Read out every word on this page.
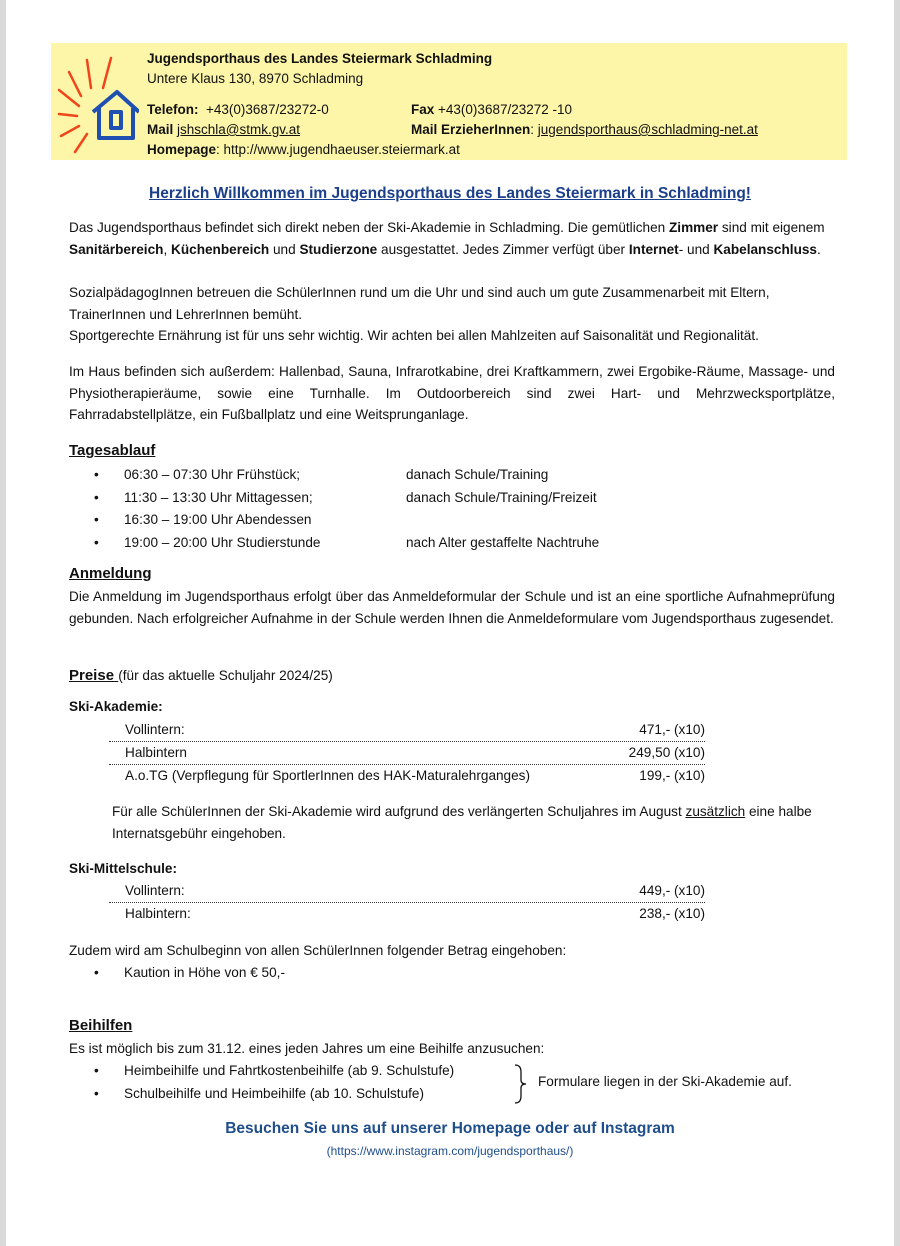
Jugendsporthaus des Landes Steiermark Schladming
Untere Klaus 130, 8970 Schladming
Telefon: +43(0)3687/23272-0	Fax +43(0)3687/23272 -10
Mail jshschla@stmk.gv.at	Mail ErzieherInnen: jugendsporthaus@schladming-net.at
Homepage: http://www.jugendhaeuser.steiermark.at
Herzlich Willkommen im Jugendsporthaus des Landes Steiermark in Schladming!
Das Jugendsporthaus befindet sich direkt neben der Ski-Akademie in Schladming. Die gemütlichen Zimmer sind mit eigenem Sanitärbereich, Küchenbereich und Studierzone ausgestattet. Jedes Zimmer verfügt über Internet- und Kabelanschluss.
SozialpädagogInnen betreuen die SchülerInnen rund um die Uhr und sind auch um gute Zusammenarbeit mit Eltern, TrainerInnen und LehrerInnen bemüht.
Sportgerechte Ernährung ist für uns sehr wichtig. Wir achten bei allen Mahlzeiten auf Saisonalität und Regionalität.
Im Haus befinden sich außerdem: Hallenbad, Sauna, Infrarotkabine, drei Kraftkammern, zwei Ergobike-Räume, Massage- und Physiotherapieräume, sowie eine Turnhalle. Im Outdoorbereich sind zwei Hart- und Mehrzwecksportplätze, Fahrradabstellplätze, ein Fußballplatz und eine Weitsprunganlage.
Tagesablauf
• 06:30 – 07:30 Uhr Frühstück;	danach Schule/Training
• 11:30 – 13:30 Uhr Mittagessen;	danach Schule/Training/Freizeit
• 16:30 – 19:00 Uhr Abendessen
• 19:00 – 20:00 Uhr Studierstunde	nach Alter gestaffelte Nachtruhe
Anmeldung
Die Anmeldung im Jugendsporthaus erfolgt über das Anmeldeformular der Schule und ist an eine sportliche Aufnahmeprüfung gebunden. Nach erfolgreicher Aufnahme in der Schule werden Ihnen die Anmeldeformulare vom Jugendsporthaus zugesendet.
Preise (für das aktuelle Schuljahr 2024/25)
Ski-Akademie:
Vollintern:	471,- (x10)
Halbintern	249,50 (x10)
A.o.TG (Verpflegung für SportlerInnen des HAK-Maturalehrganges)	199,- (x10)
Für alle SchülerInnen der Ski-Akademie wird aufgrund des verlängerten Schuljahres im August zusätzlich eine halbe Internatsgebühr eingehoben.
Ski-Mittelschule:
Vollintern:	449,- (x10)
Halbintern:	238,- (x10)
Zudem wird am Schulbeginn von allen SchülerInnen folgender Betrag eingehoben:
• Kaution in Höhe von € 50,-
Beihilfen
Es ist möglich bis zum 31.12. eines jeden Jahres um eine Beihilfe anzusuchen:
• Heimbeihilfe und Fahrtkostenbeihilfe (ab 9. Schulstufe)
• Schulbeihilfe und Heimbeihilfe (ab 10. Schulstufe)
Formulare liegen in der Ski-Akademie auf.
Besuchen Sie uns auf unserer Homepage oder auf Instagram
(https://www.instagram.com/jugendsporthaus/)
